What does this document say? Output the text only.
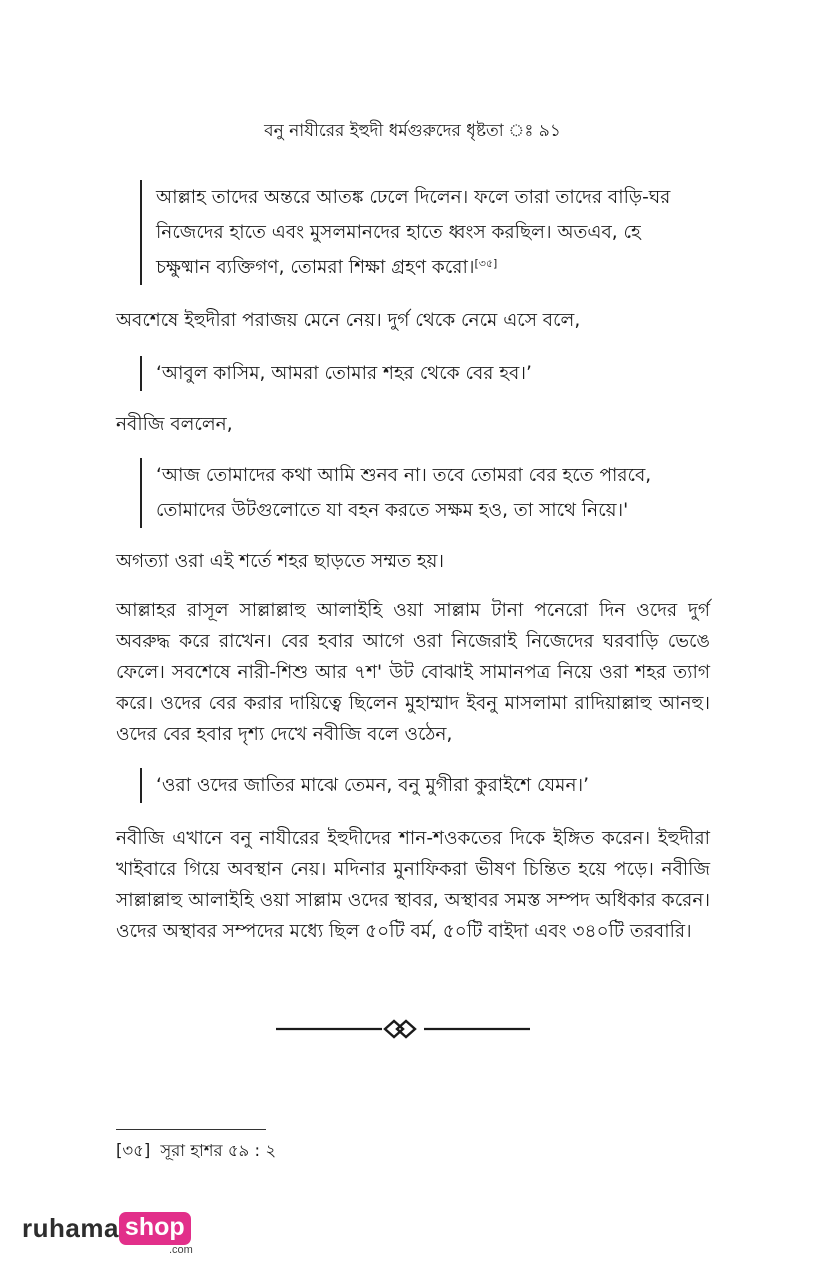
বনু নাযীরের ইহুদী ধর্মগুরুদের ধৃষ্টতা ঃ ৯১
আল্লাহ তাদের অন্তরে আতঙ্ক ঢেলে দিলেন। ফলে তারা তাদের বাড়ি-ঘর
নিজেদের হাতে এবং মুসলমানদের হাতে ধ্বংস করছিল। অতএব, হে
চক্ষুষ্মান ব্যক্তিগণ, তোমরা শিক্ষা গ্রহণ করো।[৩৫]

অবশেষে ইহুদীরা পরাজয় মেনে নেয়। দুর্গ থেকে নেমে এসে বলে,

‘আবুল কাসিম, আমরা তোমার শহর থেকে বের হব।’

নবীজি বললেন,

‘আজ তোমাদের কথা আমি শুনব না। তবে তোমরা বের হতে পারবে,
তোমাদের উটগুলোতে যা বহন করতে সক্ষম হও, তা সাথে নিয়ে।'

অগত্যা ওরা এই শর্তে শহর ছাড়তে সম্মত হয়।

আল্লাহর রাসূল সাল্লাল্লাহু আলাইহি ওয়া সাল্লাম টানা পনেরো দিন ওদের দুর্গ অবরুদ্ধ করে রাখেন। বের হবার আগে ওরা নিজেরাই নিজেদের ঘরবাড়ি ভেঙে ফেলে। সবশেষে নারী-শিশু আর ৭শ' উট বোঝাই সামানপত্র নিয়ে ওরা শহর ত্যাগ করে। ওদের বের করার দায়িত্বে ছিলেন মুহাম্মাদ ইবনু মাসলামা রাদিয়াল্লাহু আনহু। ওদের বের হবার দৃশ্য দেখে নবীজি বলে ওঠেন,

‘ওরা ওদের জাতির মাঝে তেমন, বনু মুগীরা কুরাইশে যেমন।’

নবীজি এখানে বনু নাযীরের ইহুদীদের শান-শওকতের দিকে ইঙ্গিত করেন। ইহুদীরা খাইবারে গিয়ে অবস্থান নেয়। মদিনার মুনাফিকরা ভীষণ চিন্তিত হয়ে পড়ে। নবীজি সাল্লাল্লাহু আলাইহি ওয়া সাল্লাম ওদের স্থাবর, অস্থাবর সমস্ত সম্পদ অধিকার করেন। ওদের অস্থাবর সম্পদের মধ্যে ছিল ৫০টি বর্ম, ৫০টি বাইদা এবং ৩৪০টি তরবারি।

[৩৫] সূরা হাশর ৫৯ : ২
ruhama shop
.com
